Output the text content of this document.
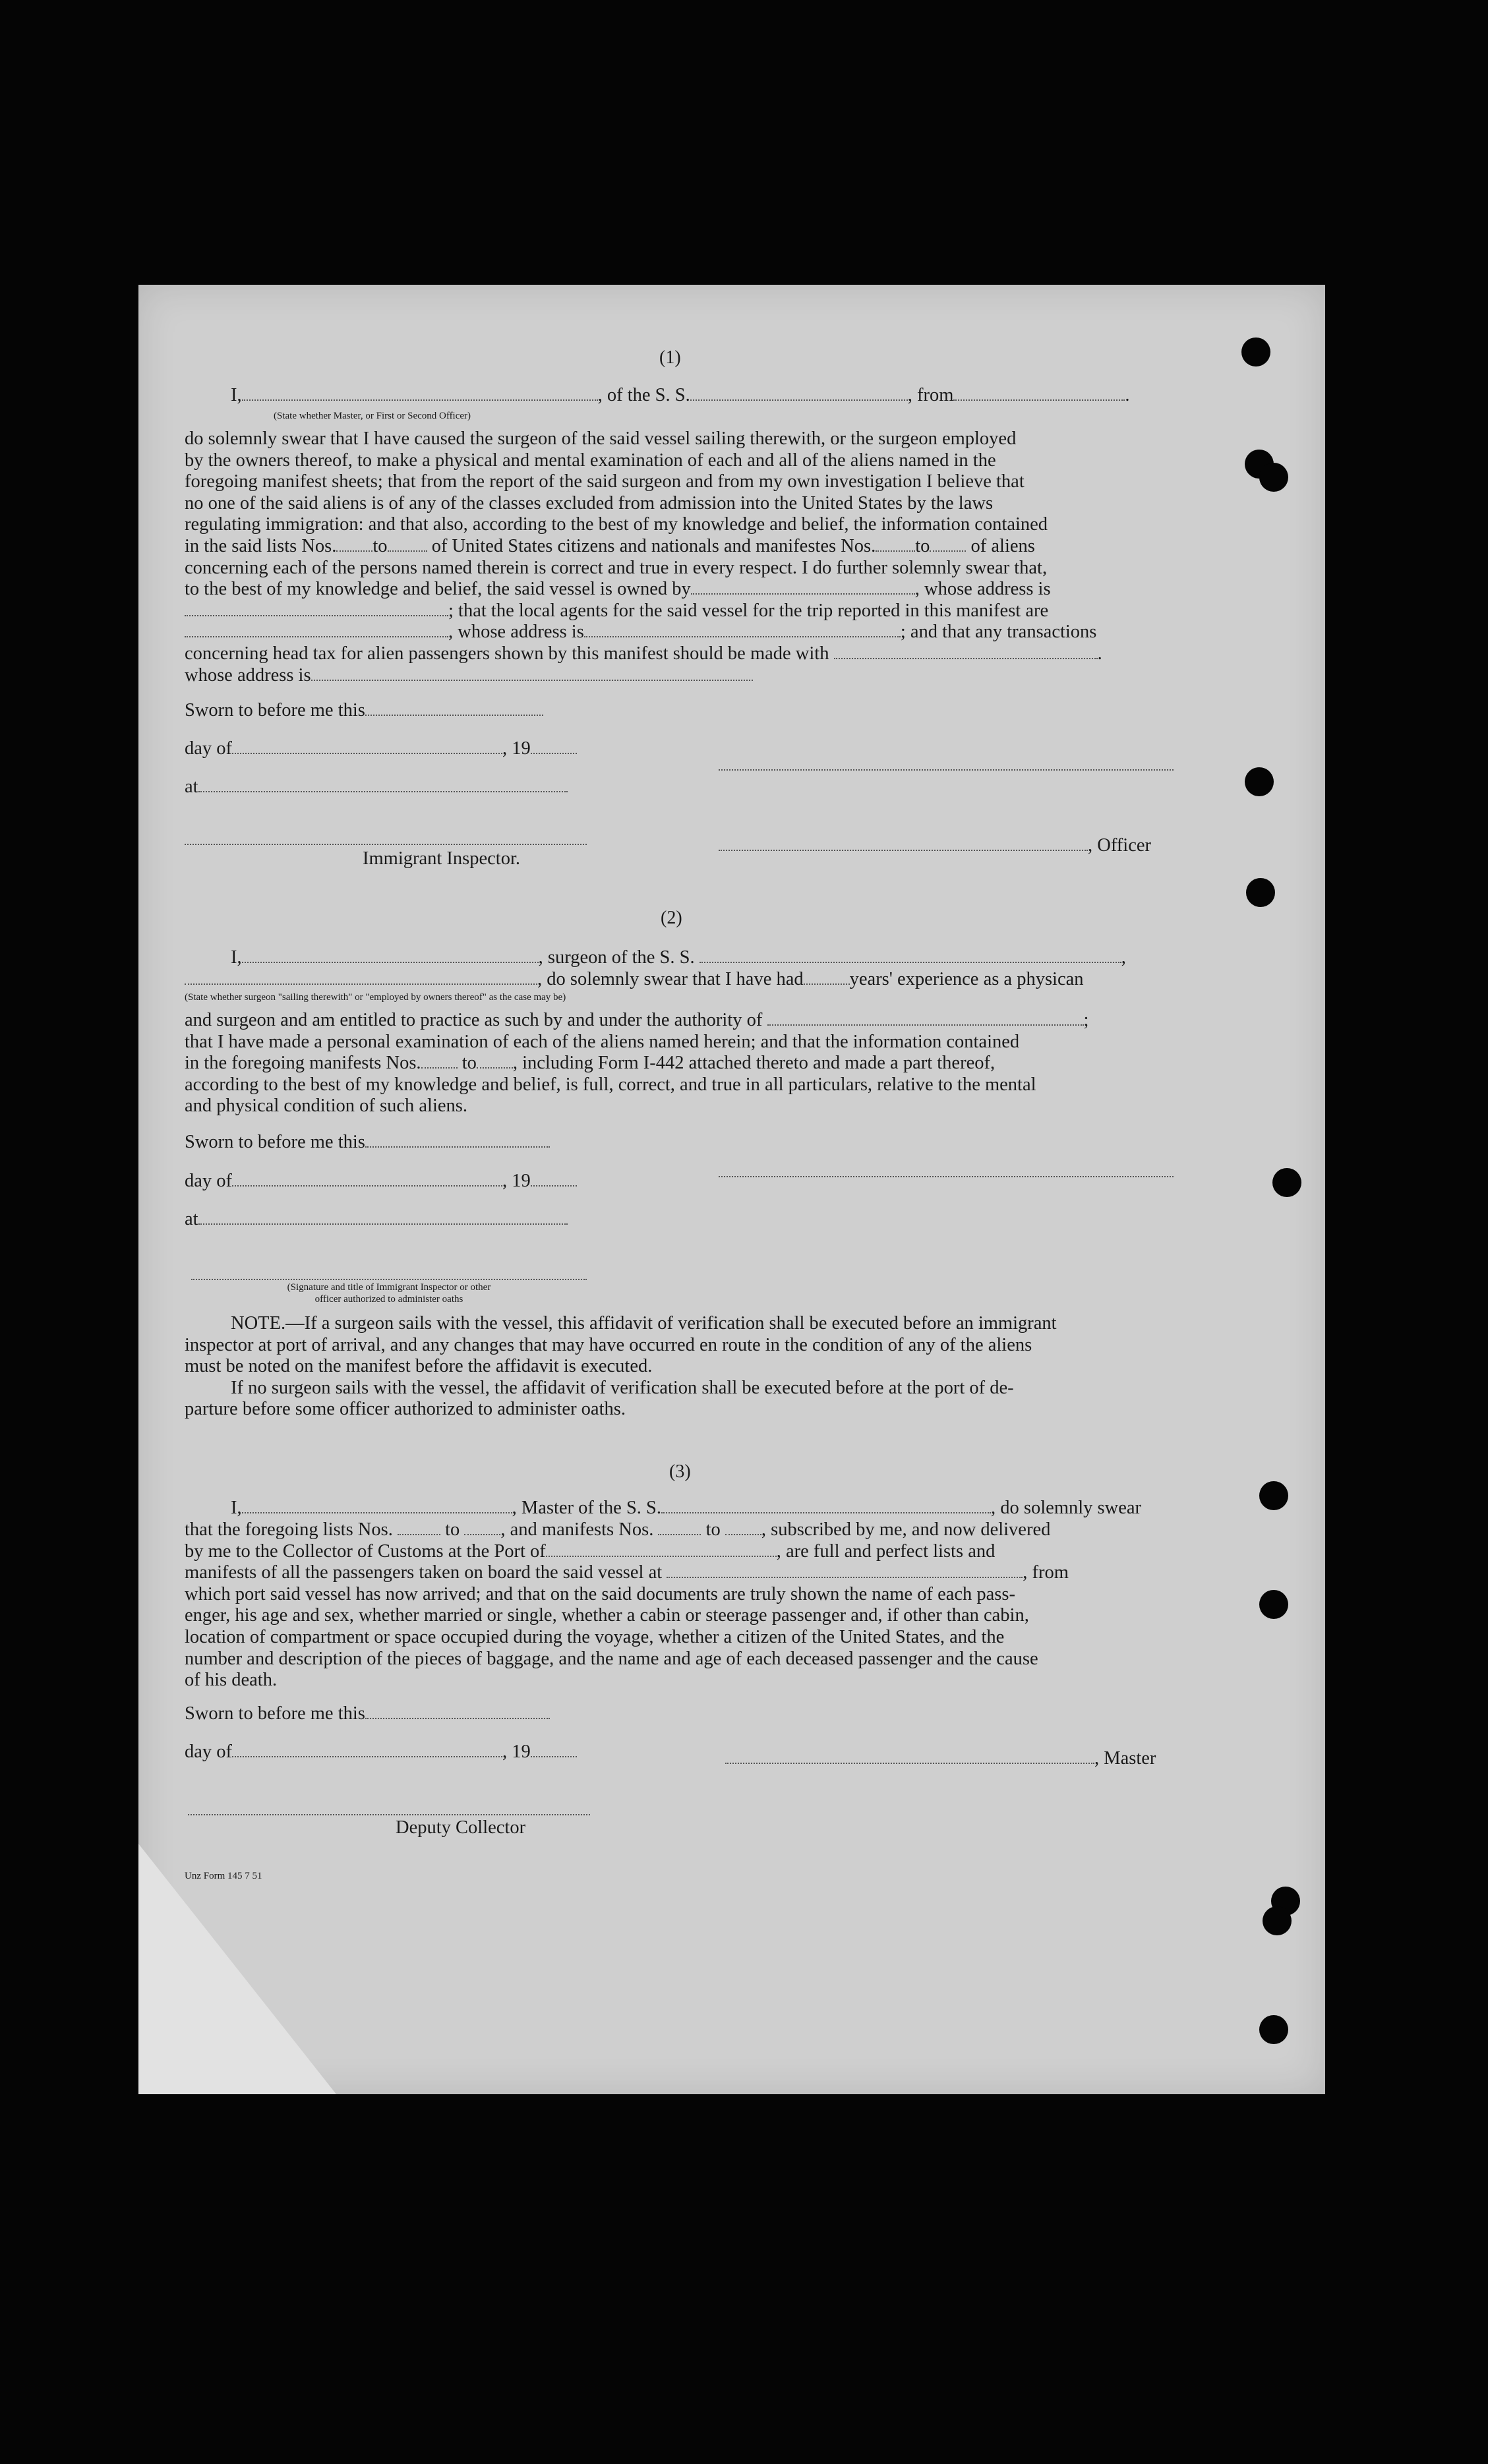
(1)
I,	, of the S. S.	, from	.
(State whether Master, or First or Second Officer)
do solemnly swear that I have caused the surgeon of the said vessel sailing therewith, or the surgeon employed
by the owners thereof, to make a physical and mental examination of each and all of the aliens named in the
foregoing manifest sheets; that from the report of the said surgeon and from my own investigation I believe that
no one of the said aliens is of any of the classes excluded from admission into the United States by the laws
regulating immigration: and that also, according to the best of my knowledge and belief, the information contained
in the said lists Nos. to of United States citizens and nationals and manifestes Nos. to of aliens
concerning each of the persons named therein is correct and true in every respect. I do further solemnly swear that,
to the best of my knowledge and belief, the said vessel is owned by	, whose address is
; that the local agents for the said vessel for the trip reported in this manifest are
, whose address is	; and that any transactions
concerning head tax for alien passengers shown by this manifest should be made with	.
whose address is
Sworn to before me this
day of	, 19
at
, Officer
Immigrant Inspector.
(2)
I,	, surgeon of the S. S.	,
, do solemnly swear that I have had years' experience as a physican
(State whether surgeon "sailing therewith" or "employed by owners thereof" as the case may be)
and surgeon and am entitled to practice as such by and under the authority of	;
that I have made a personal examination of each of the aliens named herein; and that the information contained
in the foregoing manifests Nos. to , including Form I-442 attached thereto and made a part thereof,
according to the best of my knowledge and belief, is full, correct, and true in all particulars, relative to the mental
and physical condition of such aliens.
Sworn to before me this
day of	, 19
at
(Signature and title of Immigrant Inspector or other
officer authorized to administer oaths
NOTE.—If a surgeon sails with the vessel, this affidavit of verification shall be executed before an immigrant
inspector at port of arrival, and any changes that may have occurred en route in the condition of any of the aliens
must be noted on the manifest before the affidavit is executed.
If no surgeon sails with the vessel, the affidavit of verification shall be executed before at the port of de-
parture before some officer authorized to administer oaths.
(3)
I,	, Master of the S. S.	, do solemnly swear
that the foregoing lists Nos.	to , and manifests Nos.	to , subscribed by me, and now delivered
by me to the Collector of Customs at the Port of	, are full and perfect lists and
manifests of all the passengers taken on board the said vessel at	, from
which port said vessel has now arrived; and that on the said documents are truly shown the name of each pass-
enger, his age and sex, whether married or single, whether a cabin or steerage passenger and, if other than cabin,
location of compartment or space occupied during the voyage, whether a citizen of the United States, and the
number and description of the pieces of baggage, and the name and age of each deceased passenger and the cause
of his death.
Sworn to before me this
day of	, 19	, Master
Deputy Collector
Unz Form 145 7 51
